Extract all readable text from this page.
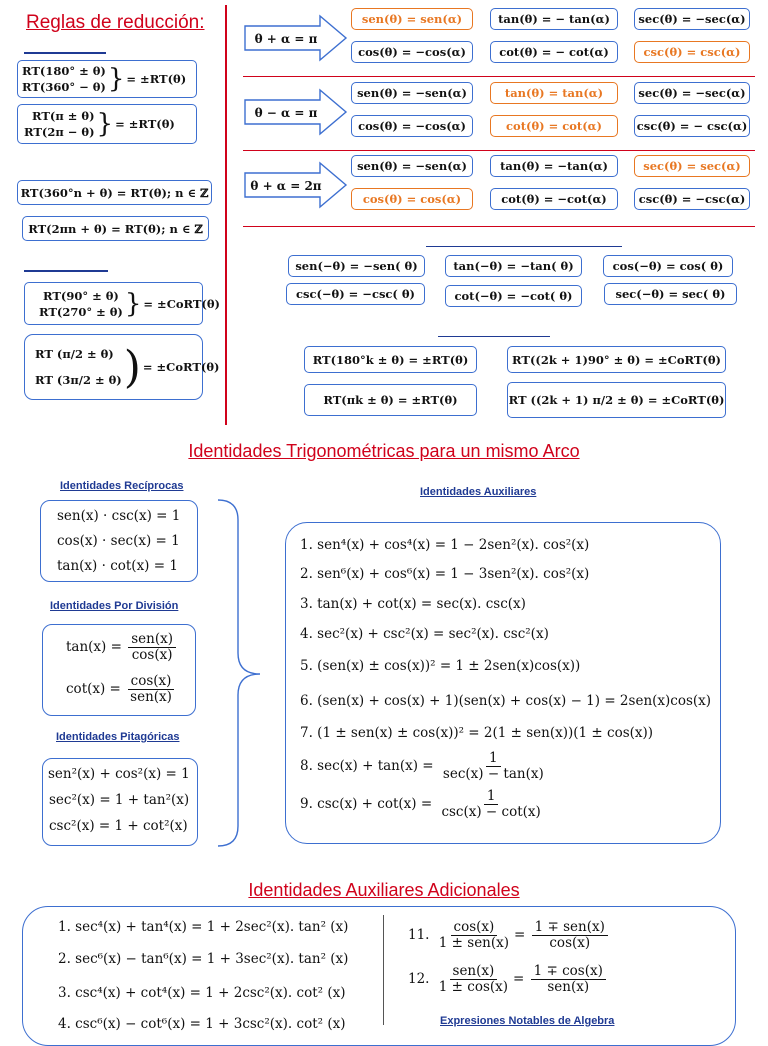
Reglas de reducción:
RT(180° ± θ)
RT(360° − θ) } = ±RT(θ)
RT(π ± θ)
RT(2π − θ) } = ±RT(θ)
RT(360°n + θ) = RT(θ); n ∈ ℤ
RT(2πn + θ) = RT(θ); n ∈ ℤ
RT(90° ± θ)
RT(270° ± θ) } = ±CoRT(θ)
RT (π/2 ± θ)
RT (3π/2 ± θ) ) = ±CoRT(θ)
θ + α = π
sen(θ) = sen(α)	tan(θ) = − tan(α)	sec(θ) = −sec(α)
cos(θ) = −cos(α)	cot(θ) = − cot(α)	csc(θ) = csc(α)
θ − α = π
sen(θ) = −sen(α)	tan(θ) = tan(α)	sec(θ) = −sec(α)
cos(θ) = −cos(α)	cot(θ) = cot(α)	csc(θ) = − csc(α)
θ + α = 2π
sen(θ) = −sen(α)	tan(θ) = −tan(α)	sec(θ) = sec(α)
cos(θ) = cos(α)	cot(θ) = −cot(α)	csc(θ) = −csc(α)
sen(−θ) = −sen( θ)	tan(−θ) = −tan( θ)	cos(−θ) = cos( θ)
csc(−θ) = −csc( θ)	cot(−θ) = −cot( θ)	sec(−θ) = sec( θ)
RT(180°k ± θ) = ±RT(θ)	RT((2k + 1)90° ± θ) = ±CoRT(θ)
RT(πk ± θ) = ±RT(θ)	RT ((2k + 1) π/2 ± θ) = ±CoRT(θ)
Identidades Trigonométricas para un mismo Arco
Identidades Recíprocas
sen(x) · csc(x) = 1
cos(x) · sec(x) = 1
tan(x) · cot(x) = 1
Identidades Por División
$\tan(x) = \frac{\text{sen(x)}}{\cos(x)}$
$\cot(x) = \frac{\cos(x)}{\text{sen(x)}}$
Identidades Pitagóricas
sen²(x) + cos²(x) = 1
sec²(x) = 1 + tan²(x)
csc²(x) = 1 + cot²(x)
Identidades Auxiliares
1. sen⁴(x) + cos⁴(x) = 1 − 2sen²(x). cos²(x)
2. sen⁶(x) + cos⁶(x) = 1 − 3sen²(x). cos²(x)
3. tan(x) + cot(x) = sec(x). csc(x)
4. sec²(x) + csc²(x) = sec²(x). csc²(x)
5. (sen(x) ± cos(x))² = 1 ± 2sen(x)cos(x))
6. (sen(x) + cos(x) + 1)(sen(x) + cos(x) − 1) = 2sen(x)cos(x)
7. (1 ± sen(x) ± cos(x))² = 2(1 ± sen(x))(1 ± cos(x))
8. $\sec(x) + \tan(x) = \frac{1}{\sec(x) - \tan(x)}$
9. $\csc(x) + \cot(x) = \frac{1}{\csc(x) - \cot(x)}$
Identidades Auxiliares Adicionales
1. sec⁴(x) + tan⁴(x) = 1 + 2sec²(x). tan² (x)
2. sec⁶(x) − tan⁶(x) = 1 + 3sec²(x). tan² (x)
3. csc⁴(x) + cot⁴(x) = 1 + 2csc²(x). cot² (x)
4. csc⁶(x) − cot⁶(x) = 1 + 3csc²(x). cot² (x)
11. $\frac{\cos(x)}{\text{1 ± sen(x)}} = \frac{\text{1 ∓ sen(x)}}{\cos(x)}$
12. $\frac{\text{sen(x)}}{1 \pm \cos(x)} = \frac{1 \mp \cos(x)}{\text{sen(x)}}$
Expresiones Notables de Algebra
